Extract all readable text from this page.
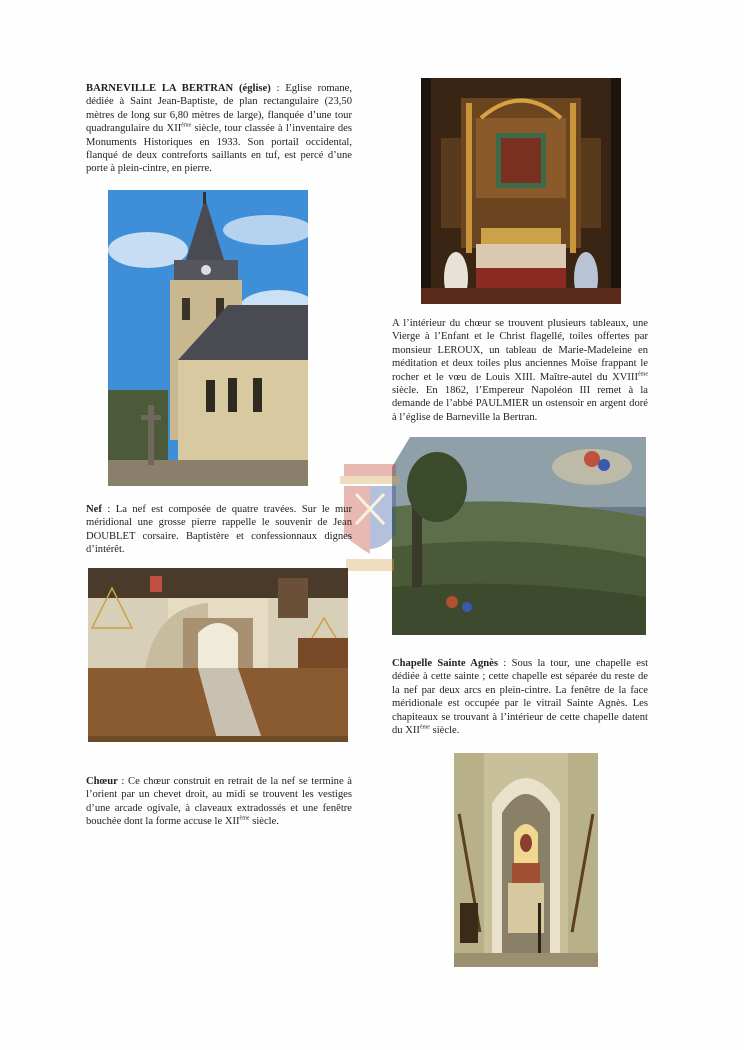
BARNEVILLE LA BERTRAN (église) : Eglise romane, dédiée à Saint Jean-Baptiste, de plan rectangulaire (23,50 mètres de long sur 6,80 mètres de large), flanquée d’une tour quadrangulaire du XIIème siècle, tour classée à l’inventaire des Monuments Historiques en 1933. Son portail occidental, flanqué de deux contreforts saillants en tuf, est percé d’une porte à plein-cintre, en pierre.
A l’intérieur du chœur se trouvent plusieurs tableaux, une Vierge à l’Enfant et le Christ flagellé, toiles offertes par monsieur LEROUX, un tableau de Marie-Madeleine en méditation et deux toiles plus anciennes Moïse frappant le rocher et le vœu de Louis XIII. Maître-autel du XVIIIème siècle. En 1862, l’Empereur Napoléon III remet à la demande de l’abbé PAULMIER un ostensoir en argent doré à l’église de Barneville la Bertran.
Nef : La nef est composée de quatre travées. Sur le mur méridional une grosse pierre rappelle le souvenir de Jean DOUBLET corsaire. Baptistère et confessionnaux dignes d’intérêt.
Chapelle Sainte Agnès : Sous la tour, une chapelle est dédiée à cette sainte ; cette chapelle est séparée du reste de la nef par deux arcs en plein-cintre. La fenêtre de la face méridionale est occupée par le vitrail Sainte Agnès. Les chapiteaux se trouvant à l’intérieur de cette chapelle datent du XIIème siècle.
Chœur : Ce chœur construit en retrait de la nef se termine à l’orient par un chevet droit, au midi se trouvent les vestiges d’une arcade ogivale, à claveaux extradossés et une fenêtre bouchée dont la forme accuse le XIIème siècle.
